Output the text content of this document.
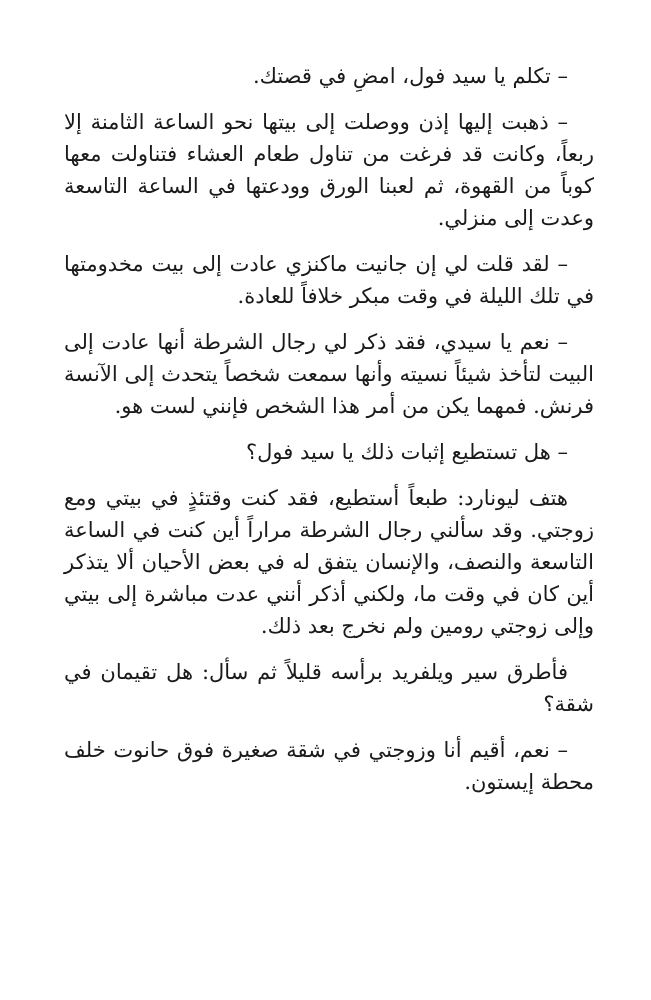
– تكلم يا سيد فول، امضِ في قصتك.

– ذهبت إليها إذن ووصلت إلى بيتها نحو الساعة الثامنة إلا ربعاً، وكانت قد فرغت من تناول طعام العشاء فتناولت معها كوباً من القهوة، ثم لعبنا الورق وودعتها في الساعة التاسعة وعدت إلى منزلي.

– لقد قلت لي إن جانيت ماكنزي عادت إلى بيت مخدومتها في تلك الليلة في وقت مبكر خلافاً للعادة.

– نعم يا سيدي، فقد ذكر لي رجال الشرطة أنها عادت إلى البيت لتأخذ شيئاً نسيته وأنها سمعت شخصاً يتحدث إلى الآنسة فرنش. فمهما يكن من أمر هذا الشخص فإنني لست هو.

– هل تستطيع إثبات ذلك يا سيد فول؟

هتف ليونارد: طبعاً أستطيع، فقد كنت وقتئذٍ في بيتي ومع زوجتي. وقد سألني رجال الشرطة مراراً أين كنت في الساعة التاسعة والنصف، والإنسان يتفق له في بعض الأحيان ألا يتذكر أين كان في وقت ما، ولكني أذكر أنني عدت مباشرة إلى بيتي وإلى زوجتي رومين ولم نخرج بعد ذلك.

فأطرق سير ويلفريد برأسه قليلاً ثم سأل: هل تقيمان في شقة؟

– نعم، أقيم أنا وزوجتي في شقة صغيرة فوق حانوت خلف محطة إيستون.
